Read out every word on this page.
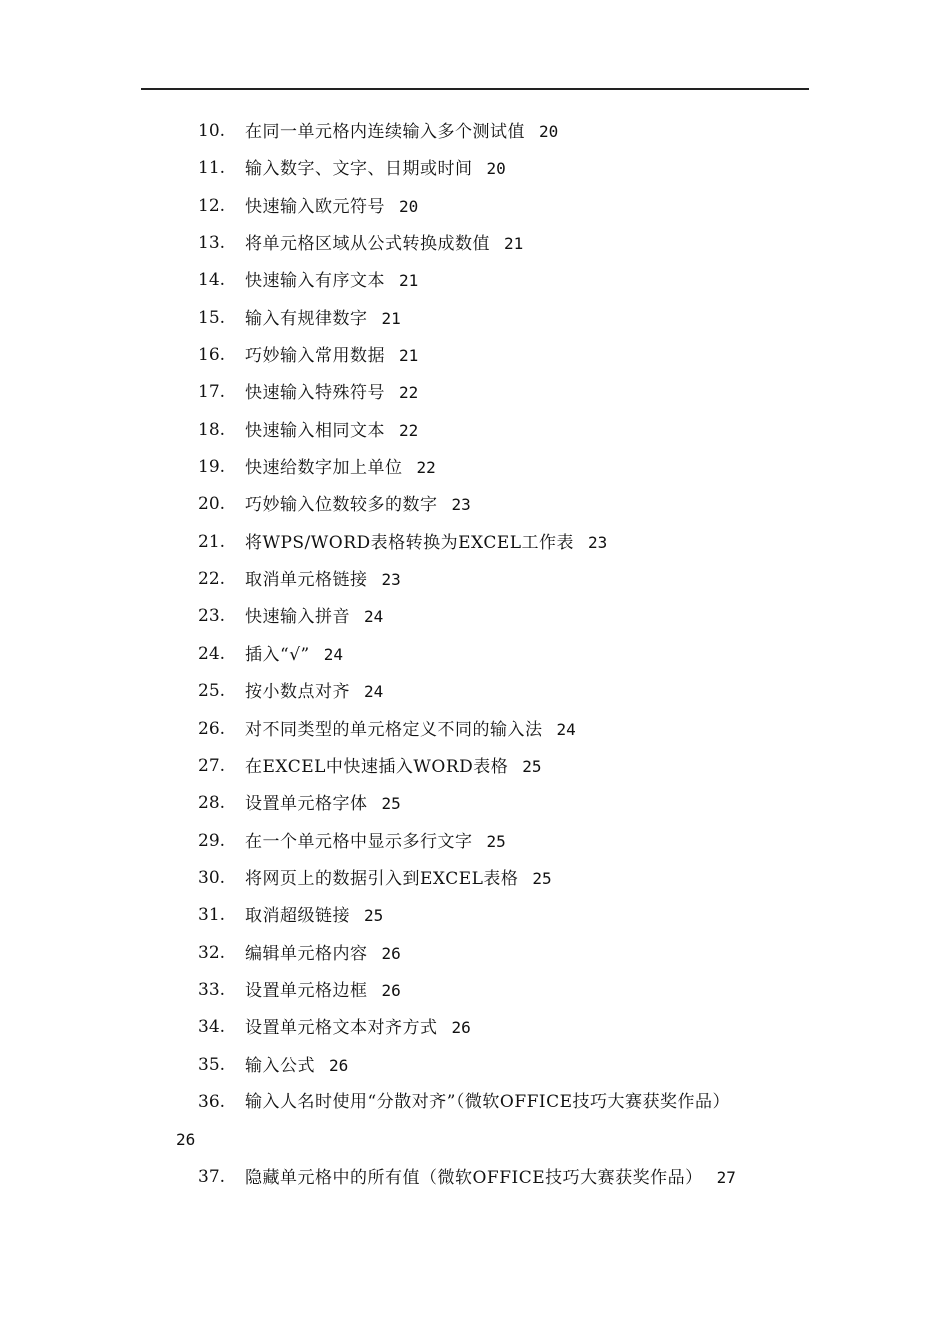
10.	在同一单元格内连续输入多个测试值 20
11.	输入数字、文字、日期或时间 20
12.	快速输入欧元符号 20
13.	将单元格区域从公式转换成数值 21
14.	快速输入有序文本 21
15.	输入有规律数字 21
16.	巧妙输入常用数据 21
17.	快速输入特殊符号 22
18.	快速输入相同文本 22
19.	快速给数字加上单位 22
20.	巧妙输入位数较多的数字 23
21.	将WPS/WORD表格转换为EXCEL工作表 23
22.	取消单元格链接 23
23.	快速输入拼音 24
24.	插入“√” 24
25.	按小数点对齐 24
26.	对不同类型的单元格定义不同的输入法 24
27.	在EXCEL中快速插入WORD表格 25
28.	设置单元格字体 25
29.	在一个单元格中显示多行文字 25
30.	将网页上的数据引入到EXCEL表格 25
31.	取消超级链接 25
32.	编辑单元格内容 26
33.	设置单元格边框 26
34.	设置单元格文本对齐方式 26
35.	输入公式 26
36.	输入人名时使用“分散对齐”（微软OFFICE技巧大赛获奖作品）
26
37.	隐藏单元格中的所有值（微软OFFICE技巧大赛获奖作品） 27
